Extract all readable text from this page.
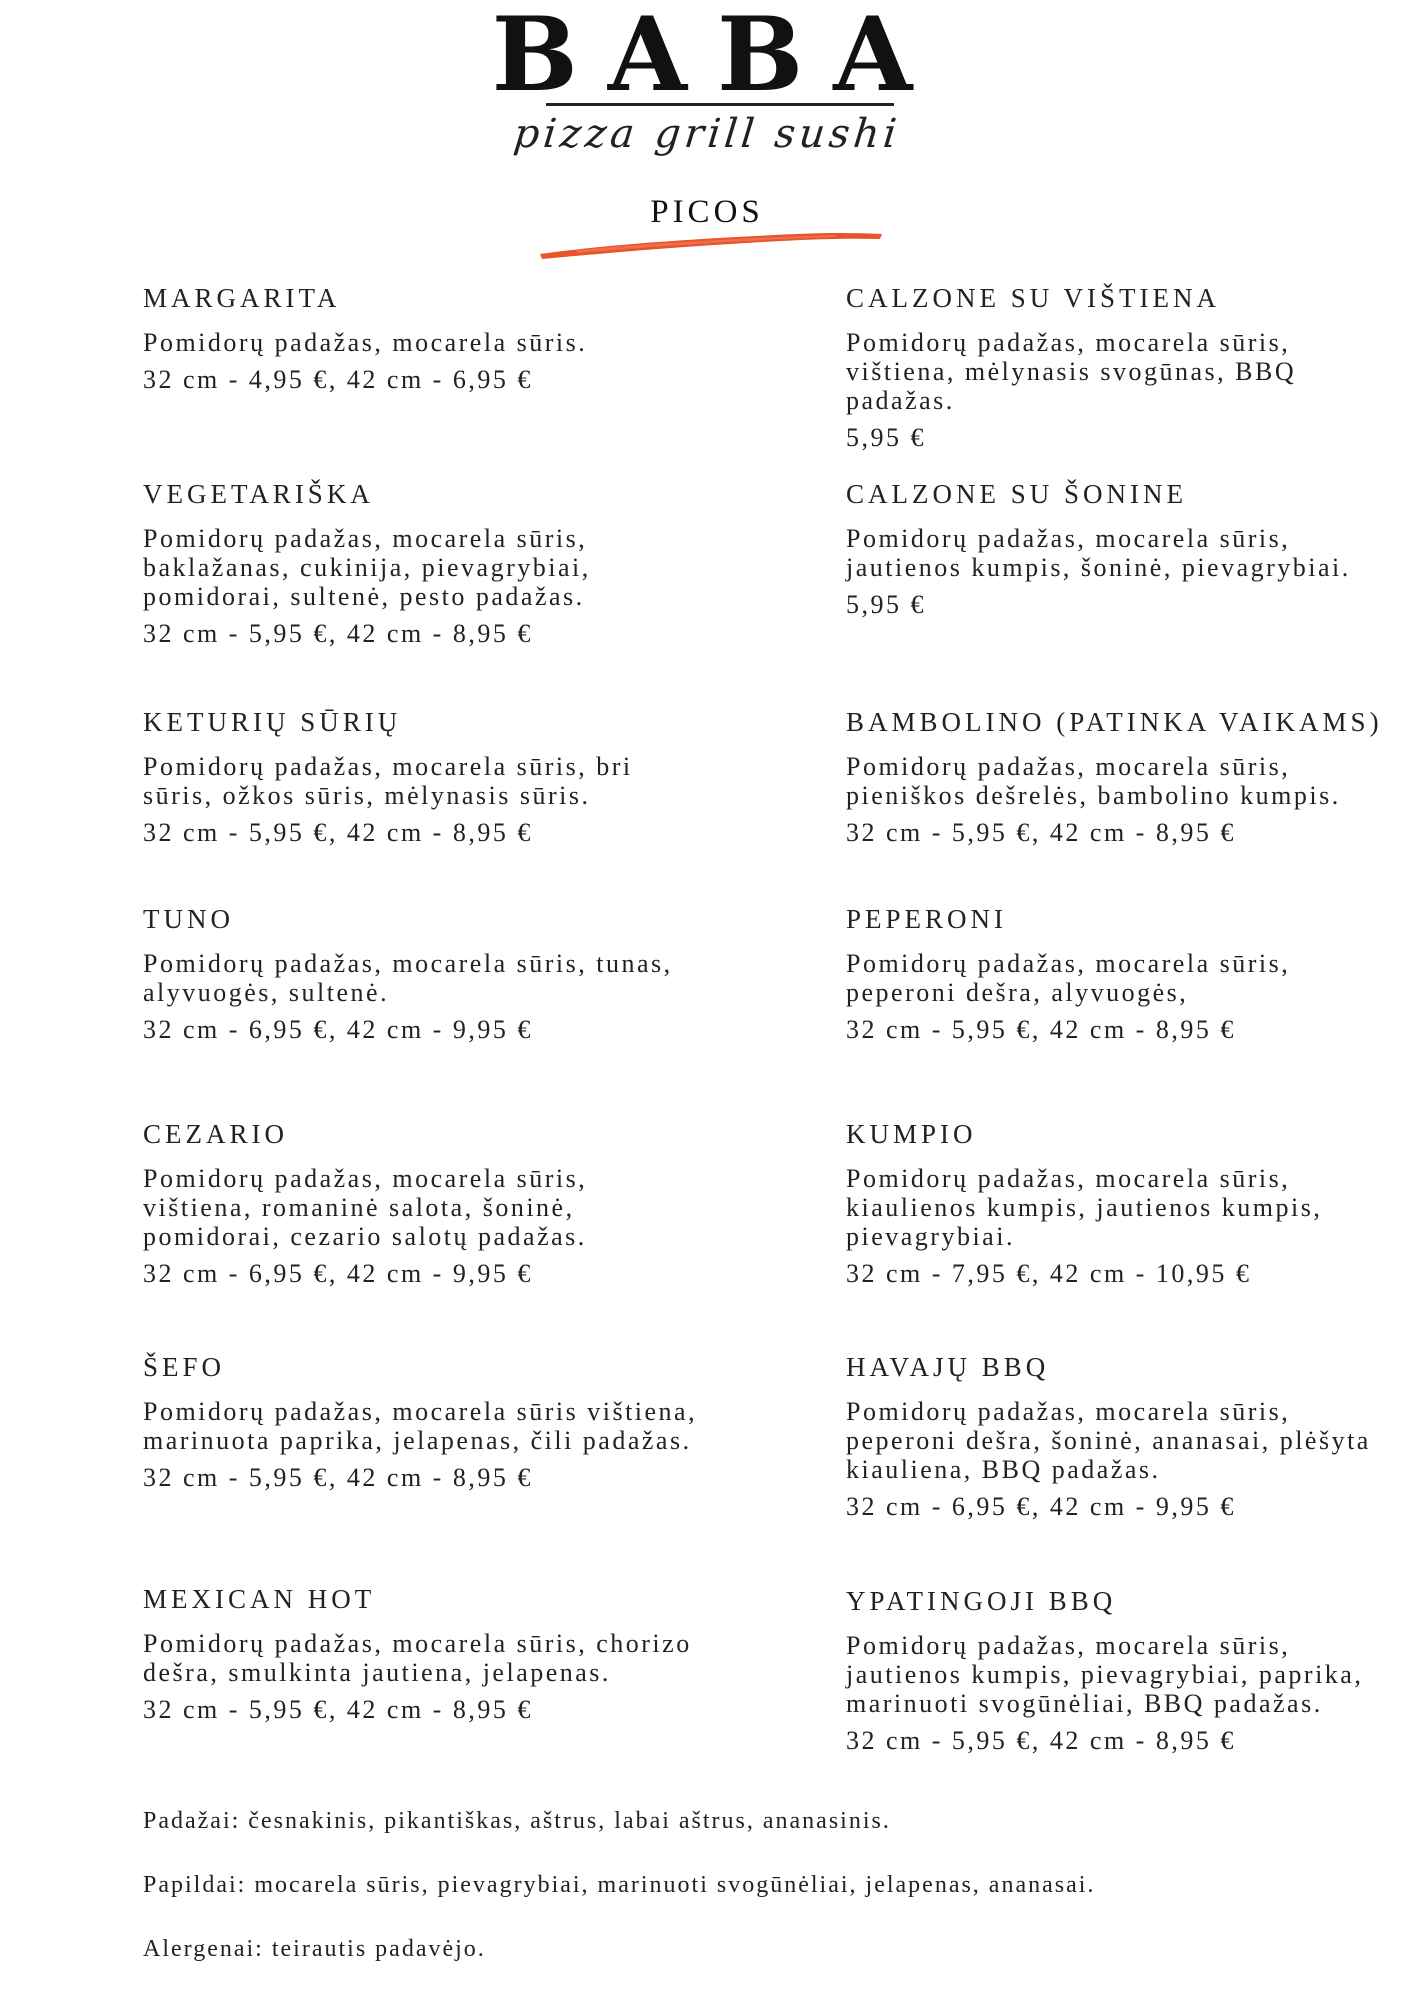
BABA
pizza grill sushi
PICOS
MARGARITA
Pomidorų padažas, mocarela sūris.
32 cm - 4,95 €, 42 cm - 6,95 €
CALZONE SU VIŠTIENA
Pomidorų padažas, mocarela sūris, vištiena, mėlynasis svogūnas, BBQ padažas.
5,95 €
VEGETARIŠKA
Pomidorų padažas, mocarela sūris, baklažanas, cukinija, pievagrybiai, pomidorai, sultenė, pesto padažas.
32 cm - 5,95 €, 42 cm - 8,95 €
CALZONE SU ŠONINE
Pomidorų padažas, mocarela sūris, jautienos kumpis, šoninė, pievagrybiai.
5,95 €
KETURIŲ SŪRIŲ
Pomidorų padažas, mocarela sūris, bri sūris, ožkos sūris, mėlynasis sūris.
32 cm - 5,95 €, 42 cm - 8,95 €
BAMBOLINO (PATINKA VAIKAMS)
Pomidorų padažas, mocarela sūris, pieniškos dešrelės, bambolino kumpis.
32 cm - 5,95 €, 42 cm - 8,95 €
TUNO
Pomidorų padažas, mocarela sūris, tunas, alyvuogės, sultenė.
32 cm - 6,95 €, 42 cm - 9,95 €
PEPERONI
Pomidorų padažas, mocarela sūris, peperoni dešra, alyvuogės,
32 cm - 5,95 €, 42 cm - 8,95 €
CEZARIO
Pomidorų padažas, mocarela sūris, vištiena, romaninė salota, šoninė, pomidorai, cezario salotų padažas.
32 cm - 6,95 €, 42 cm - 9,95 €
KUMPIO
Pomidorų padažas, mocarela sūris, kiaulienos kumpis, jautienos kumpis, pievagrybiai.
32 cm - 7,95 €, 42 cm - 10,95 €
ŠEFO
Pomidorų padažas, mocarela sūris vištiena, marinuota paprika, jelapenas, čili padažas.
32 cm - 5,95 €, 42 cm - 8,95 €
HAVAJŲ BBQ
Pomidorų padažas, mocarela sūris, peperoni dešra, šoninė, ananasai, plėšyta kiauliena, BBQ padažas.
32 cm - 6,95 €, 42 cm - 9,95 €
MEXICAN HOT
Pomidorų padažas, mocarela sūris, chorizo dešra, smulkinta jautiena, jelapenas.
32 cm - 5,95 €, 42 cm - 8,95 €
YPATINGOJI BBQ
Pomidorų padažas, mocarela sūris, jautienos kumpis, pievagrybiai, paprika, marinuoti svogūnėliai, BBQ padažas.
32 cm - 5,95 €, 42 cm - 8,95 €
Padažai: česnakinis, pikantiškas, aštrus, labai aštrus, ananasinis.
Papildai: mocarela sūris, pievagrybiai, marinuoti svogūnėliai, jelapenas, ananasai.
Alergenai: teirautis padavėjo.
